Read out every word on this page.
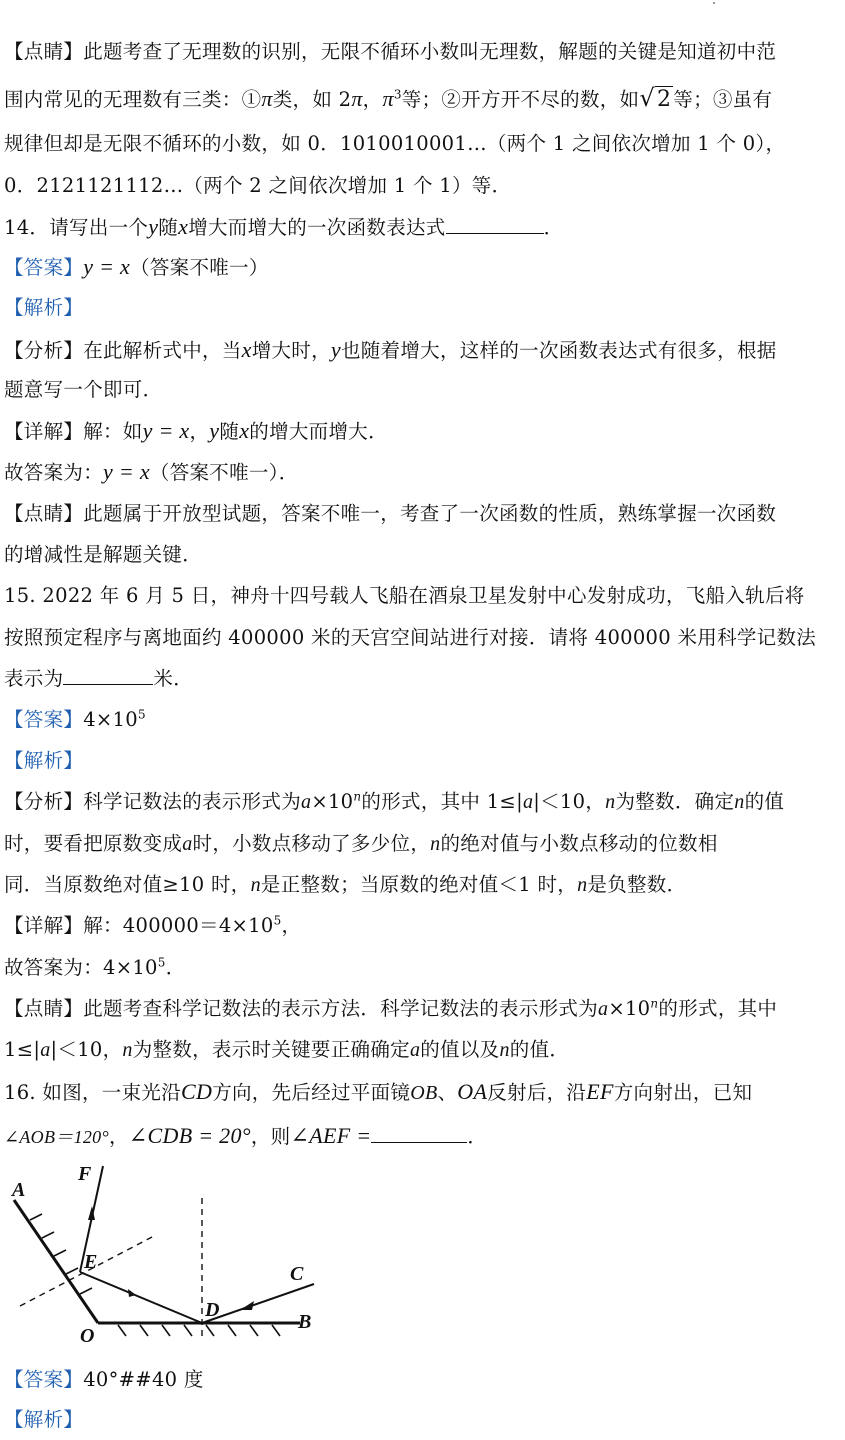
【点睛】此题考查了无理数的识别，无限不循环小数叫无理数，解题的关键是知道初中范
围内常见的无理数有三类：①π类，如 2π，$\pi^3$等；②开方开不尽的数，如√2 等；③虽有
规律但却是无限不循环的小数，如 0．1010010001…（两个 1 之间依次增加 1 个 0），
0．2121121112…（两个 2 之间依次增加 1 个 1）等．
14．请写出一个y随x增大而增大的一次函数表达式	．
【答案】y = x（答案不唯一）
【解析】
【分析】在此解析式中，当x增大时，y也随着增大，这样的一次函数表达式有很多，根据
题意写一个即可．
【详解】解：如y = x，y随x的增大而增大．
故答案为：y = x（答案不唯一）．
【点睛】此题属于开放型试题，答案不唯一，考查了一次函数的性质，熟练掌握一次函数
的增减性是解题关键．
15. 2022 年 6 月 5 日，神舟十四号载人飞船在酒泉卫星发射中心发射成功，飞船入轨后将
按照预定程序与离地面约 400000 米的天宫空间站进行对接．请将 400000 米用科学记数法
表示为	米．
【答案】$4\times 10^5$
【解析】
【分析】科学记数法的表示形式为$a\times 10^n$的形式，其中 1≤|a|＜10，n为整数．确定n的值
时，要看把原数变成a时，小数点移动了多少位，n的绝对值与小数点移动的位数相
同．当原数绝对值≥10 时，n是正整数；当原数的绝对值＜1 时，n是负整数．
【详解】解：$400000=4\times 10^5$，
故答案为：$4\times 10^5$．
【点睛】此题考查科学记数法的表示方法．科学记数法的表示形式为$a\times 10^n$的形式，其中
1≤|a|＜10，n为整数，表示时关键要正确确定a的值以及n的值．
16. 如图，一束光沿CD方向，先后经过平面镜OB、OA反射后，沿EF方向射出，已知
∠AOB＝120°，∠CDB = 20°，则∠AEF =	．
A
F
E
C
D
O
B
【答案】40°##40 度
【解析】
